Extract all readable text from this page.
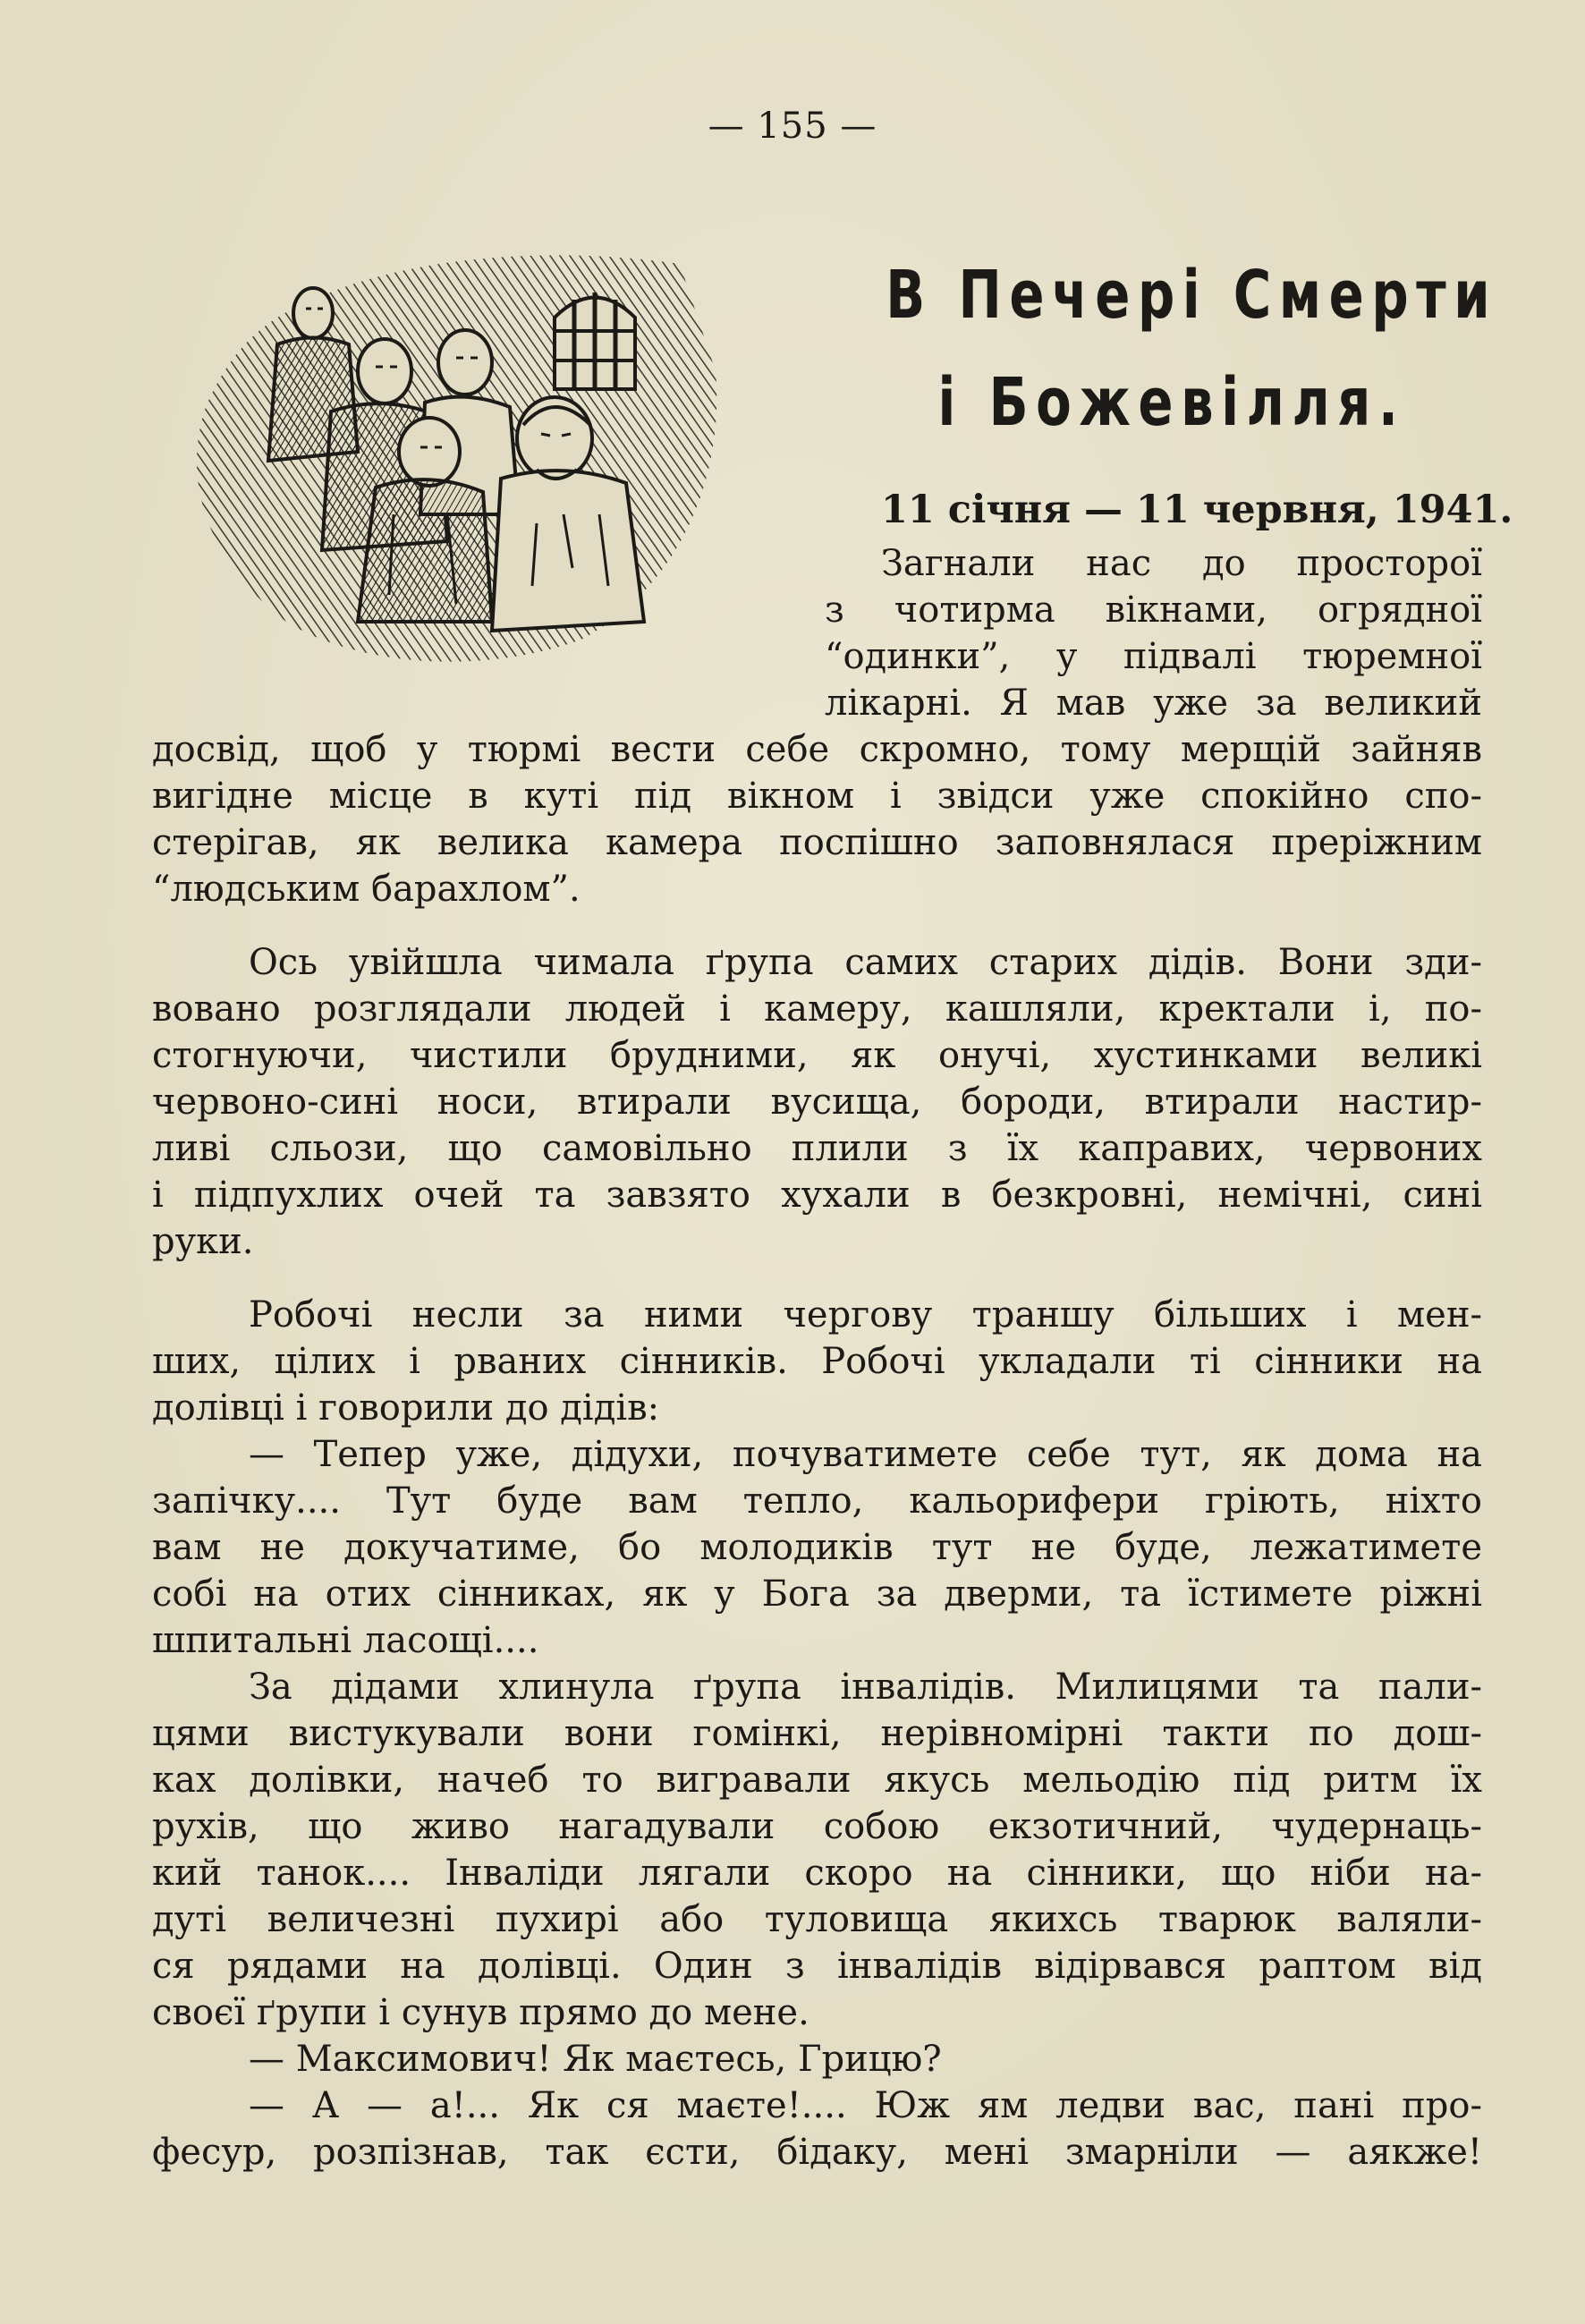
— 155 —
В Печері Смерти
і Божевілля.
11 січня — 11 червня, 1941.
Загнали нас до просторої
з чотирма вікнами, огрядної
“одинки”, у підвалі тюремної
лікарні. Я мав уже за великий
досвід, щоб у тюрмі вести себе скромно, тому мерщій зайняв
вигідне місце в куті під вікном і звідси уже спокійно спо-
стерігав, як велика камера поспішно заповнялася преріжним
“людським барахлом”.
Ось увійшла чимала ґрупа самих старих дідів. Вони зди-
вовано розглядали людей і камеру, кашляли, кректали і, по-
стогнуючи, чистили брудними, як онучі, хустинками великі
червоно-сині носи, втирали вусища, бороди, втирали настир-
ливі сльози, що самовільно плили з їх каправих, червоних
і підпухлих очей та завзято хухали в безкровні, немічні, сині
руки.
Робочі несли за ними чергову траншу більших і мен-
ших, цілих і рваних сінників. Робочі укладали ті сінники на
долівці і говорили до дідів:
— Тепер уже, дідухи, почуватимете себе тут, як дома на
запічку.... Тут буде вам тепло, кальорифери гріють, ніхто
вам не докучатиме, бо молодиків тут не буде, лежатимете
собі на отих сінниках, як у Бога за дверми, та їстимете ріжні
шпитальні ласощі....
За дідами хлинула ґрупа інвалідів. Милицями та пали-
цями вистукували вони гомінкі, нерівномірні такти по дош-
ках долівки, начеб то вигравали якусь мельодію під ритм їх
рухів, що живо нагадували собою екзотичний, чудернаць-
кий танок.... Інваліди лягали скоро на сінники, що ніби на-
дуті величезні пухирі або туловища якихсь тварюк валяли-
ся рядами на долівці. Один з інвалідів відірвався раптом від
своєї ґрупи і сунув прямо до мене.
— Максимович! Як маєтесь, Грицю?
— А — а!... Як ся маєте!.... Юж ям ледви вас, пані про-
фесур, розпізнав, так єсти, бідаку, мені змарніли — аякже!
